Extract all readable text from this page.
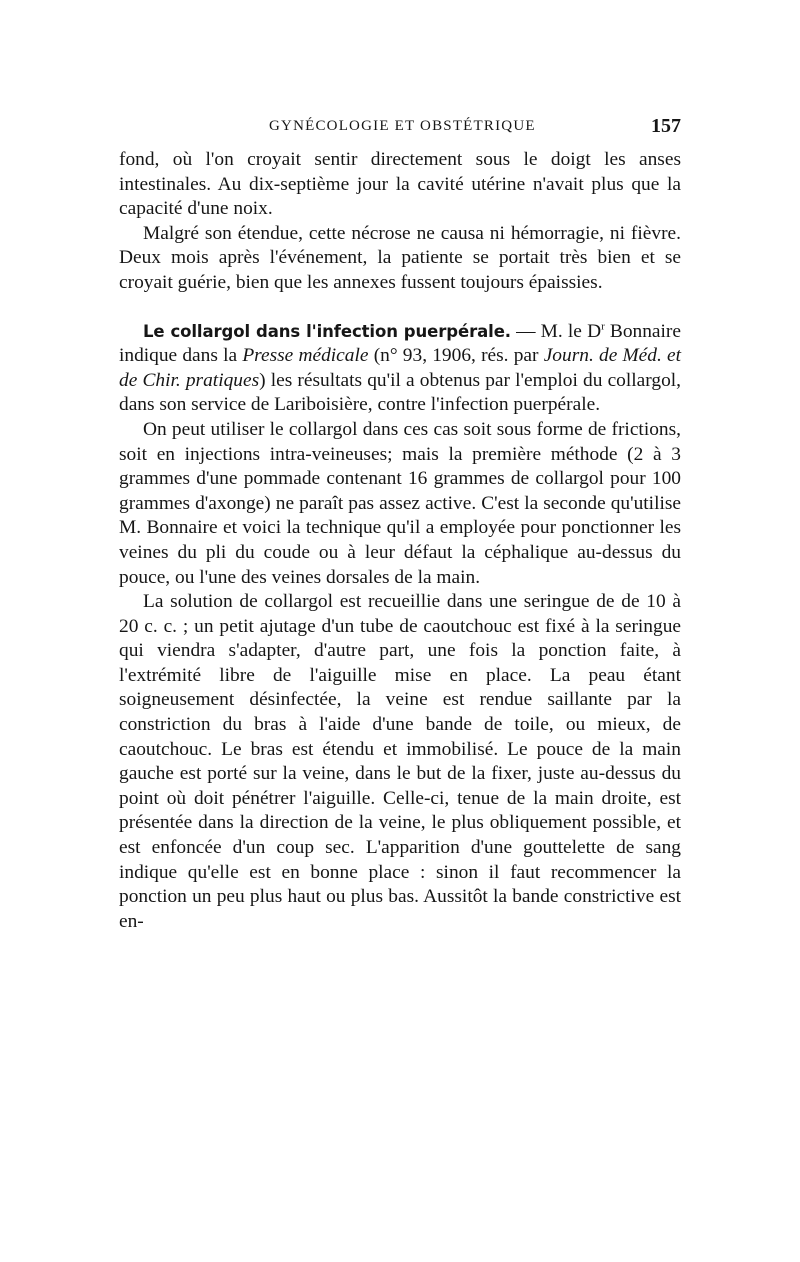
GYNÉCOLOGIE ET OBSTÉTRIQUE	157

fond, où l'on croyait sentir directement sous le doigt les anses intestinales. Au dix-septième jour la cavité utérine n'avait plus que la capacité d'une noix.

Malgré son étendue, cette nécrose ne causa ni hémorragie, ni fièvre. Deux mois après l'événement, la patiente se portait très bien et se croyait guérie, bien que les annexes fussent toujours épaissies.

Le collargol dans l'infection puerpérale. — M. le $D^r$ Bonnaire indique dans la Presse médicale (n° 93, 1906, rés. par Journ. de Méd. et de Chir. pratiques) les résultats qu'il a obtenus par l'emploi du collargol, dans son service de Lariboisière, contre l'infection puerpérale.

On peut utiliser le collargol dans ces cas soit sous forme de frictions, soit en injections intra-veineuses; mais la première méthode (2 à 3 grammes d'une pommade contenant 16 grammes de collargol pour 100 grammes d'axonge) ne paraît pas assez active. C'est la seconde qu'utilise M. Bonnaire et voici la technique qu'il a employée pour ponctionner les veines du pli du coude ou à leur défaut la céphalique au-dessus du pouce, ou l'une des veines dorsales de la main.

La solution de collargol est recueillie dans une seringue de de 10 à 20 c. c. ; un petit ajutage d'un tube de caoutchouc est fixé à la seringue qui viendra s'adapter, d'autre part, une fois la ponction faite, à l'extrémité libre de l'aiguille mise en place. La peau étant soigneusement désinfectée, la veine est rendue saillante par la constriction du bras à l'aide d'une bande de toile, ou mieux, de caoutchouc. Le bras est étendu et immobilisé. Le pouce de la main gauche est porté sur la veine, dans le but de la fixer, juste au-dessus du point où doit pénétrer l'aiguille. Celle-ci, tenue de la main droite, est présentée dans la direction de la veine, le plus obliquement possible, et est enfoncée d'un coup sec. L'apparition d'une gouttelette de sang indique qu'elle est en bonne place : sinon il faut recommencer la ponction un peu plus haut ou plus bas. Aussitôt la bande constrictive est en-
